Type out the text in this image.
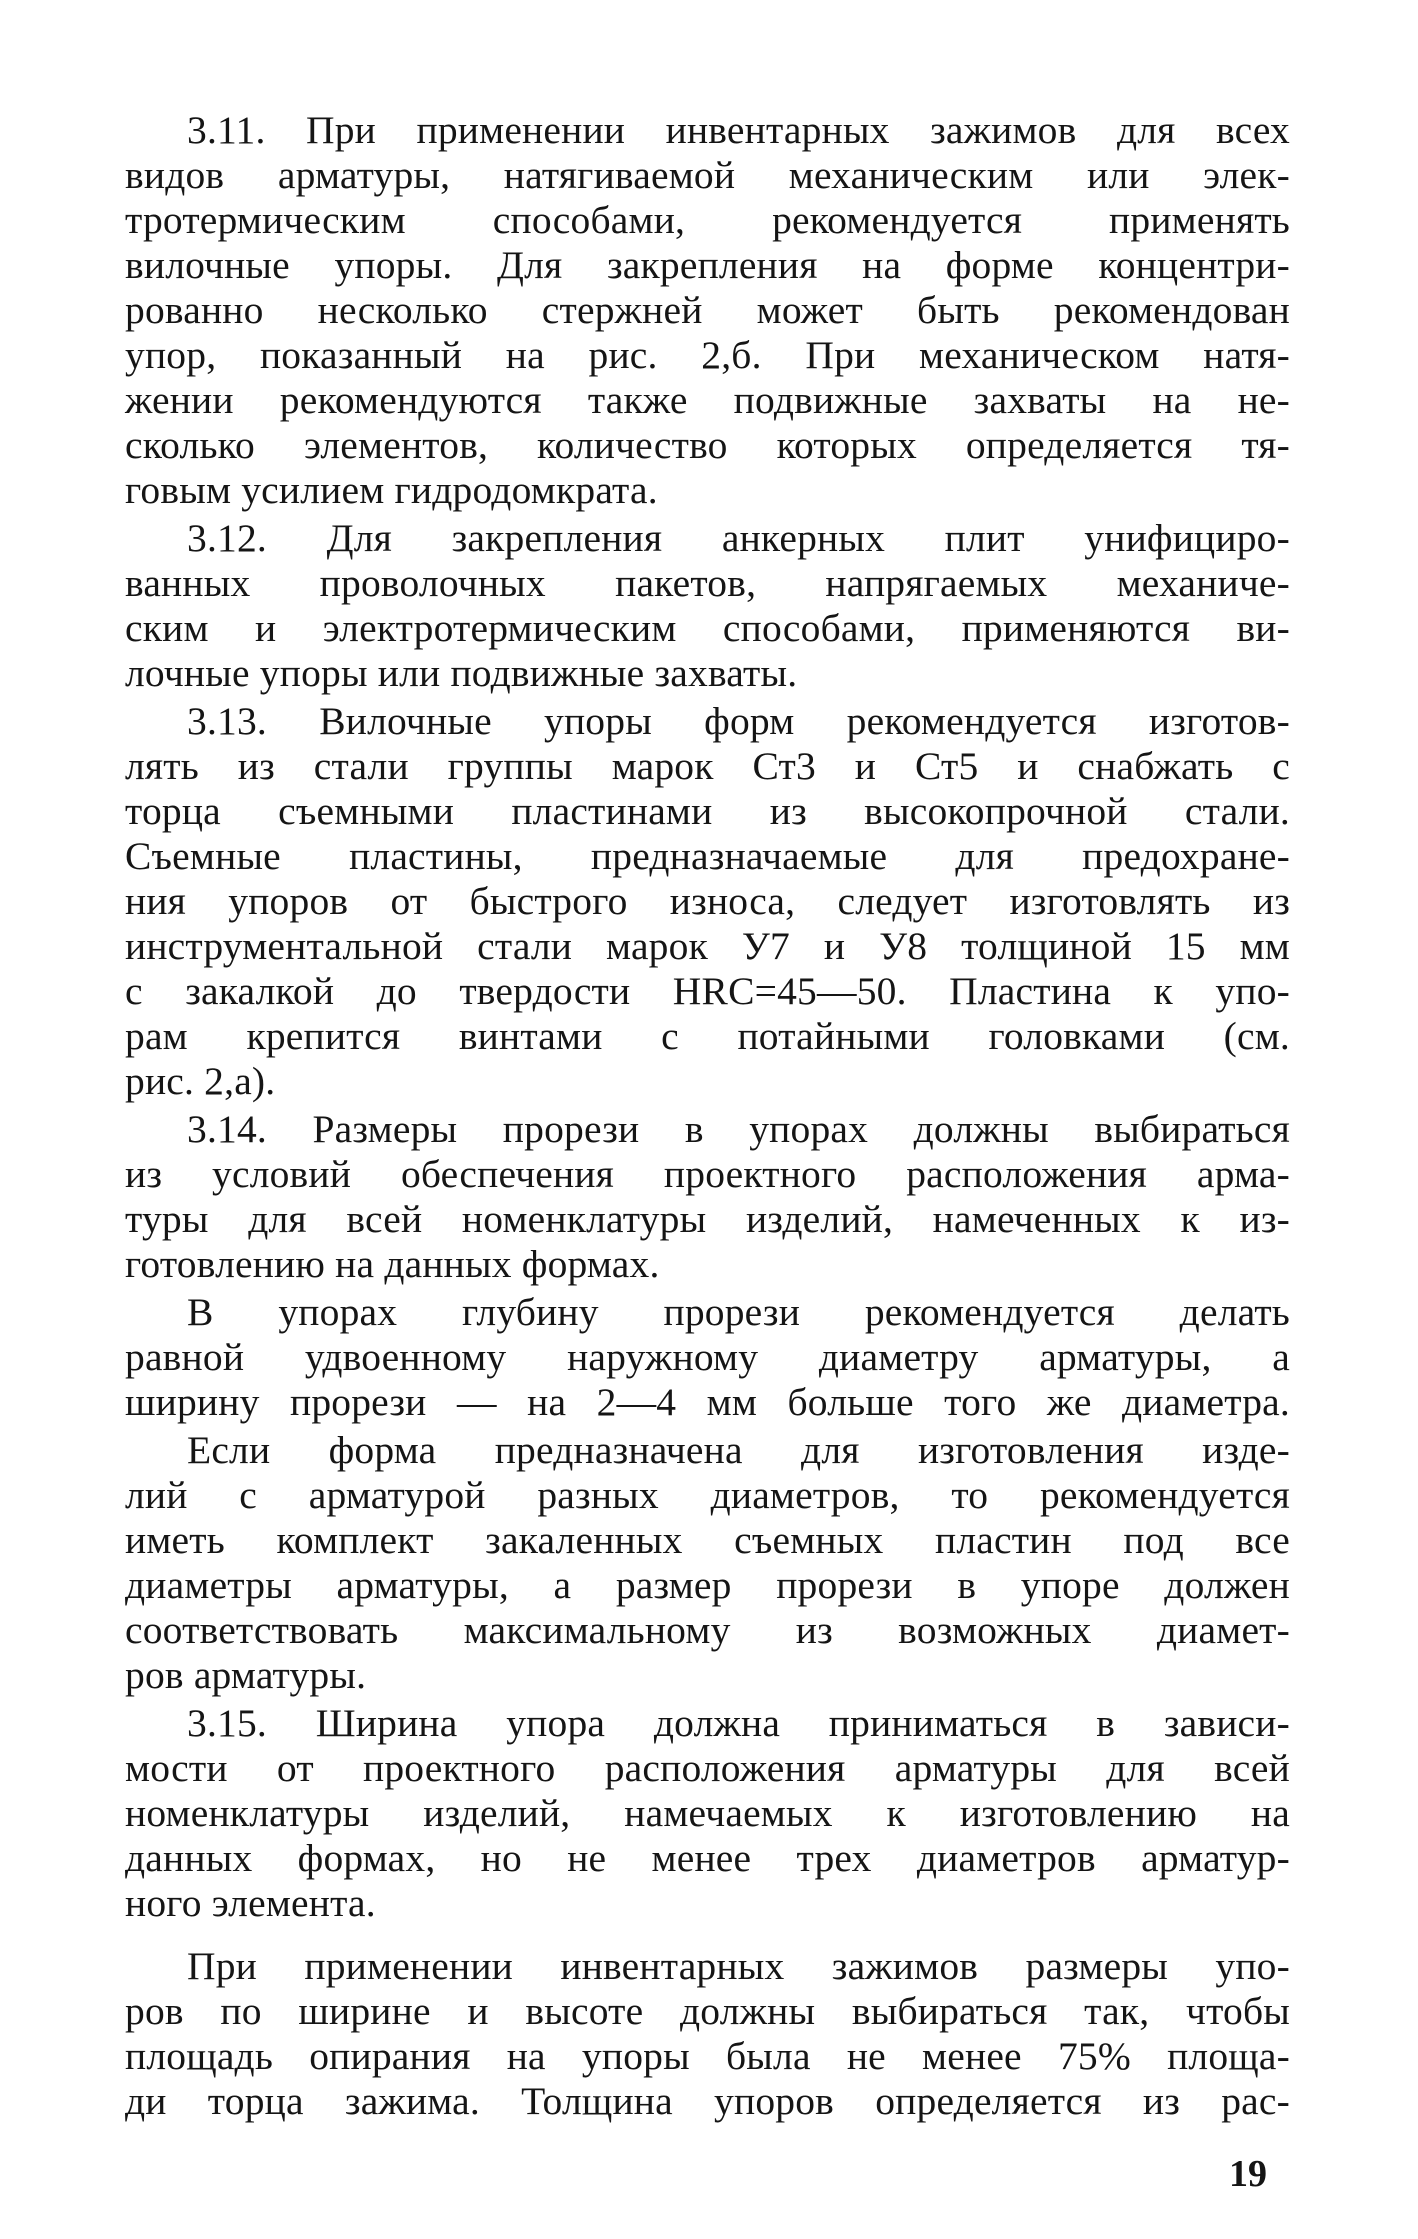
3.11. При применении инвентарных зажимов для всех
видов арматуры, натягиваемой механическим или элек-
тротермическим способами, рекомендуется применять
вилочные упоры. Для закрепления на форме концентри-
рованно несколько стержней может быть рекомендован
упор, показанный на рис. 2,б. При механическом натя-
жении рекомендуются также подвижные захваты на не-
сколько элементов, количество которых определяется тя-
говым усилием гидродомкрата.
3.12. Для закрепления анкерных плит унифициро-
ванных проволочных пакетов, напрягаемых механиче-
ским и электротермическим способами, применяются ви-
лочные упоры или подвижные захваты.
3.13. Вилочные упоры форм рекомендуется изготов-
лять из стали группы марок Ст3 и Ст5 и снабжать с
торца съемными пластинами из высокопрочной стали.
Съемные пластины, предназначаемые для предохране-
ния упоров от быстрого износа, следует изготовлять из
инструментальной стали марок У7 и У8 толщиной 15 мм
с закалкой до твердости HRC=45—50. Пластина к упо-
рам крепится винтами с потайными головками (см.
рис. 2,а).
3.14. Размеры прорези в упорах должны выбираться
из условий обеспечения проектного расположения арма-
туры для всей номенклатуры изделий, намеченных к из-
готовлению на данных формах.
В упорах глубину прорези рекомендуется делать
равной удвоенному наружному диаметру арматуры, а
ширину прорези — на 2—4 мм больше того же диаметра.
Если форма предназначена для изготовления изде-
лий с арматурой разных диаметров, то рекомендуется
иметь комплект закаленных съемных пластин под все
диаметры арматуры, а размер прорези в упоре должен
соответствовать максимальному из возможных диамет-
ров арматуры.
3.15. Ширина упора должна приниматься в зависи-
мости от проектного расположения арматуры для всей
номенклатуры изделий, намечаемых к изготовлению на
данных формах, но не менее трех диаметров арматур-
ного элемента.
При применении инвентарных зажимов размеры упо-
ров по ширине и высоте должны выбираться так, чтобы
площадь опирания на упоры была не менее 75% площа-
ди торца зажима. Толщина упоров определяется из рас-
19
